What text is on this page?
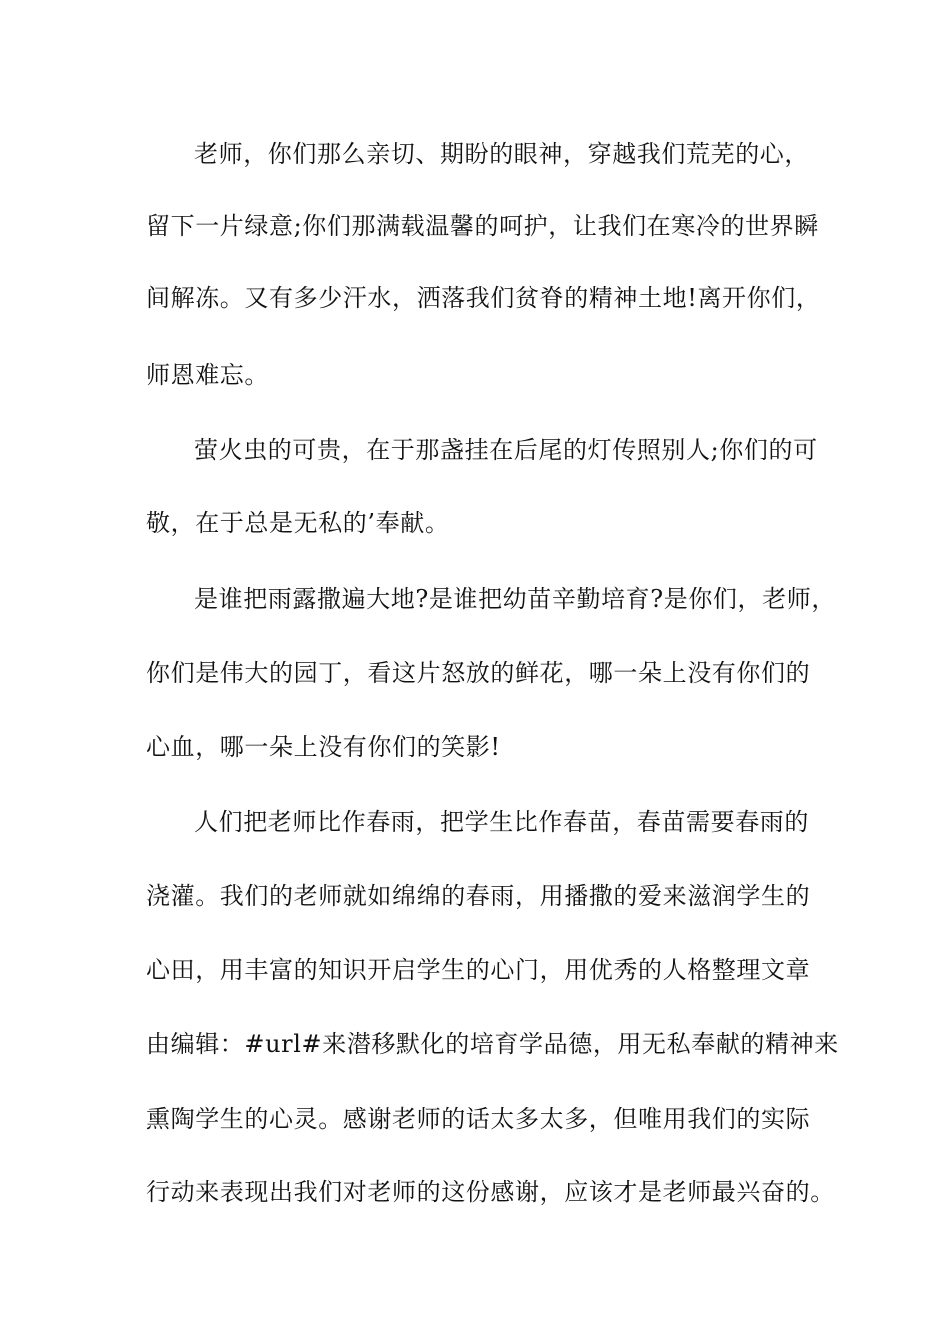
老师，你们那么亲切、期盼的眼神，穿越我们荒芜的心，
留下一片绿意;你们那满载温馨的呵护，让我们在寒冷的世界瞬
间解冻。又有多少汗水，洒落我们贫脊的精神土地!离开你们，
师恩难忘。
萤火虫的可贵，在于那盏挂在后尾的灯传照别人;你们的可
敬，在于总是无私的’奉献。
是谁把雨露撒遍大地?是谁把幼苗辛勤培育?是你们，老师，
你们是伟大的园丁，看这片怒放的鲜花，哪一朵上没有你们的
心血，哪一朵上没有你们的笑影!
人们把老师比作春雨，把学生比作春苗，春苗需要春雨的
浇灌。我们的老师就如绵绵的春雨，用播撒的爱来滋润学生的
心田，用丰富的知识开启学生的心门，用优秀的人格整理文章
由编辑：#url#来潜移默化的培育学品德，用无私奉献的精神来
熏陶学生的心灵。感谢老师的话太多太多，但唯用我们的实际
行动来表现出我们对老师的这份感谢，应该才是老师最兴奋的。
